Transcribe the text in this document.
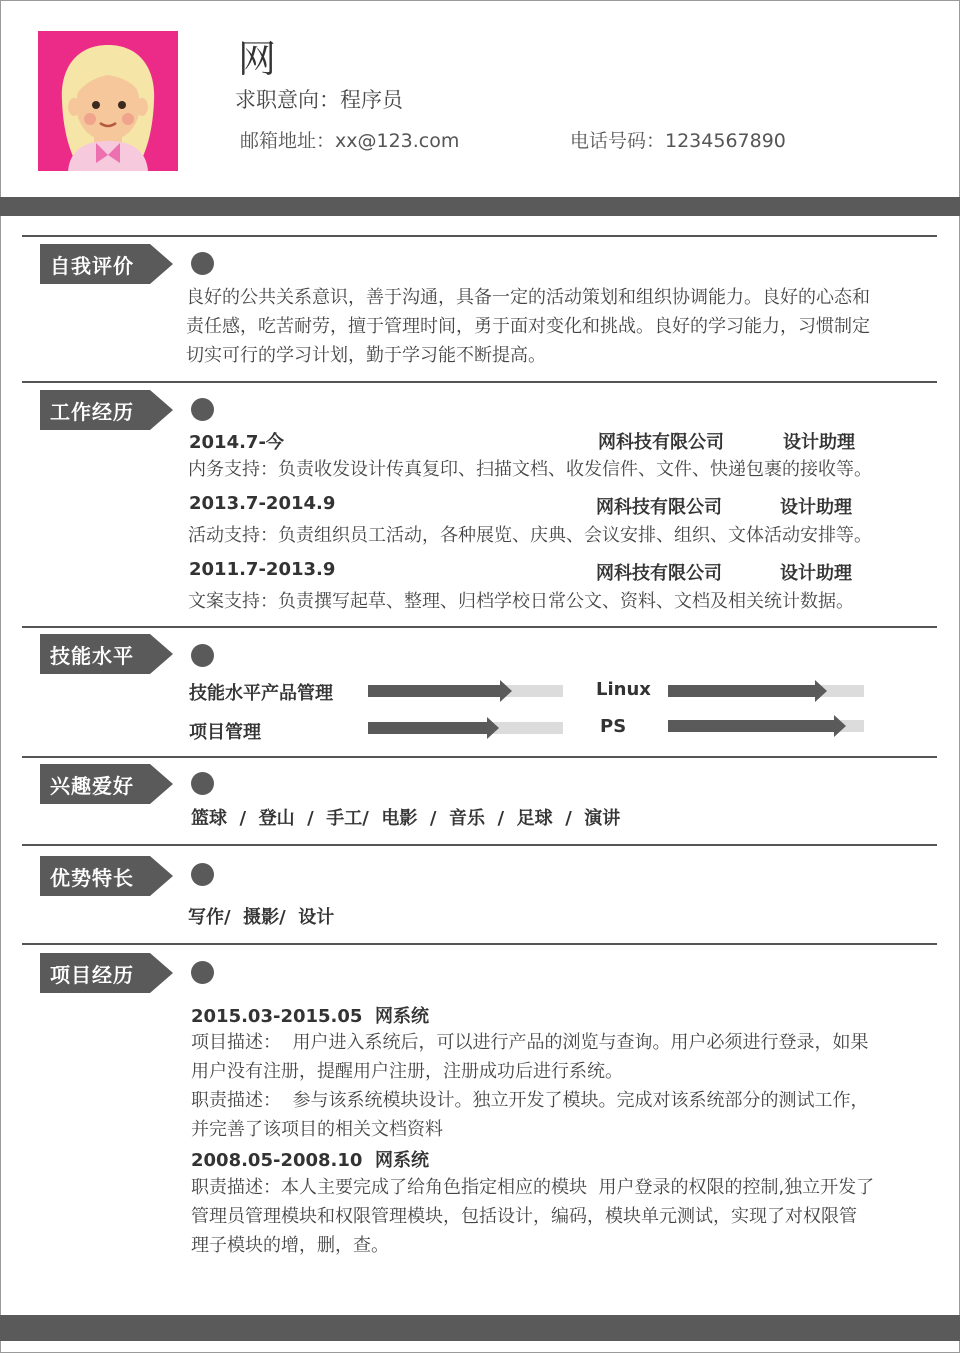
网
求职意向：程序员
邮箱地址：xx@123.com	电话号码：1234567890
自我评价
良好的公共关系意识，善于沟通，具备一定的活动策划和组织协调能力。良好的心态和
责任感，吃苦耐劳，擅于管理时间，勇于面对变化和挑战。良好的学习能力，习惯制定
切实可行的学习计划，勤于学习能不断提高。
工作经历
2014.7-今	网科技有限公司	设计助理
内务支持：负责收发设计传真复印、扫描文档、收发信件、文件、快递包裹的接收等。
2013.7-2014.9	网科技有限公司	设计助理
活动支持：负责组织员工活动，各种展览、庆典、会议安排、组织、文体活动安排等。
2011.7-2013.9	网科技有限公司	设计助理
文案支持：负责撰写起草、整理、归档学校日常公文、资料、文档及相关统计数据。
技能水平
技能水平产品管理	Linux
项目管理	PS
兴趣爱好
篮球  /  登山  /  手工/  电影  /  音乐  /  足球  /  演讲
优势特长
写作/  摄影/  设计
项目经历
2015.03-2015.05  网系统
项目描述：  用户进入系统后，可以进行产品的浏览与查询。用户必须进行登录，如果
用户没有注册，提醒用户注册，注册成功后进行系统。
职责描述：  参与该系统模块设计。独立开发了模块。完成对该系统部分的测试工作，
并完善了该项目的相关文档资料
2008.05-2008.10  网系统
职责描述：本人主要完成了给角色指定相应的模块  用户登录的权限的控制,独立开发了
管理员管理模块和权限管理模块，包括设计，编码，模块单元测试，实现了对权限管
理子模块的增，删，查。
